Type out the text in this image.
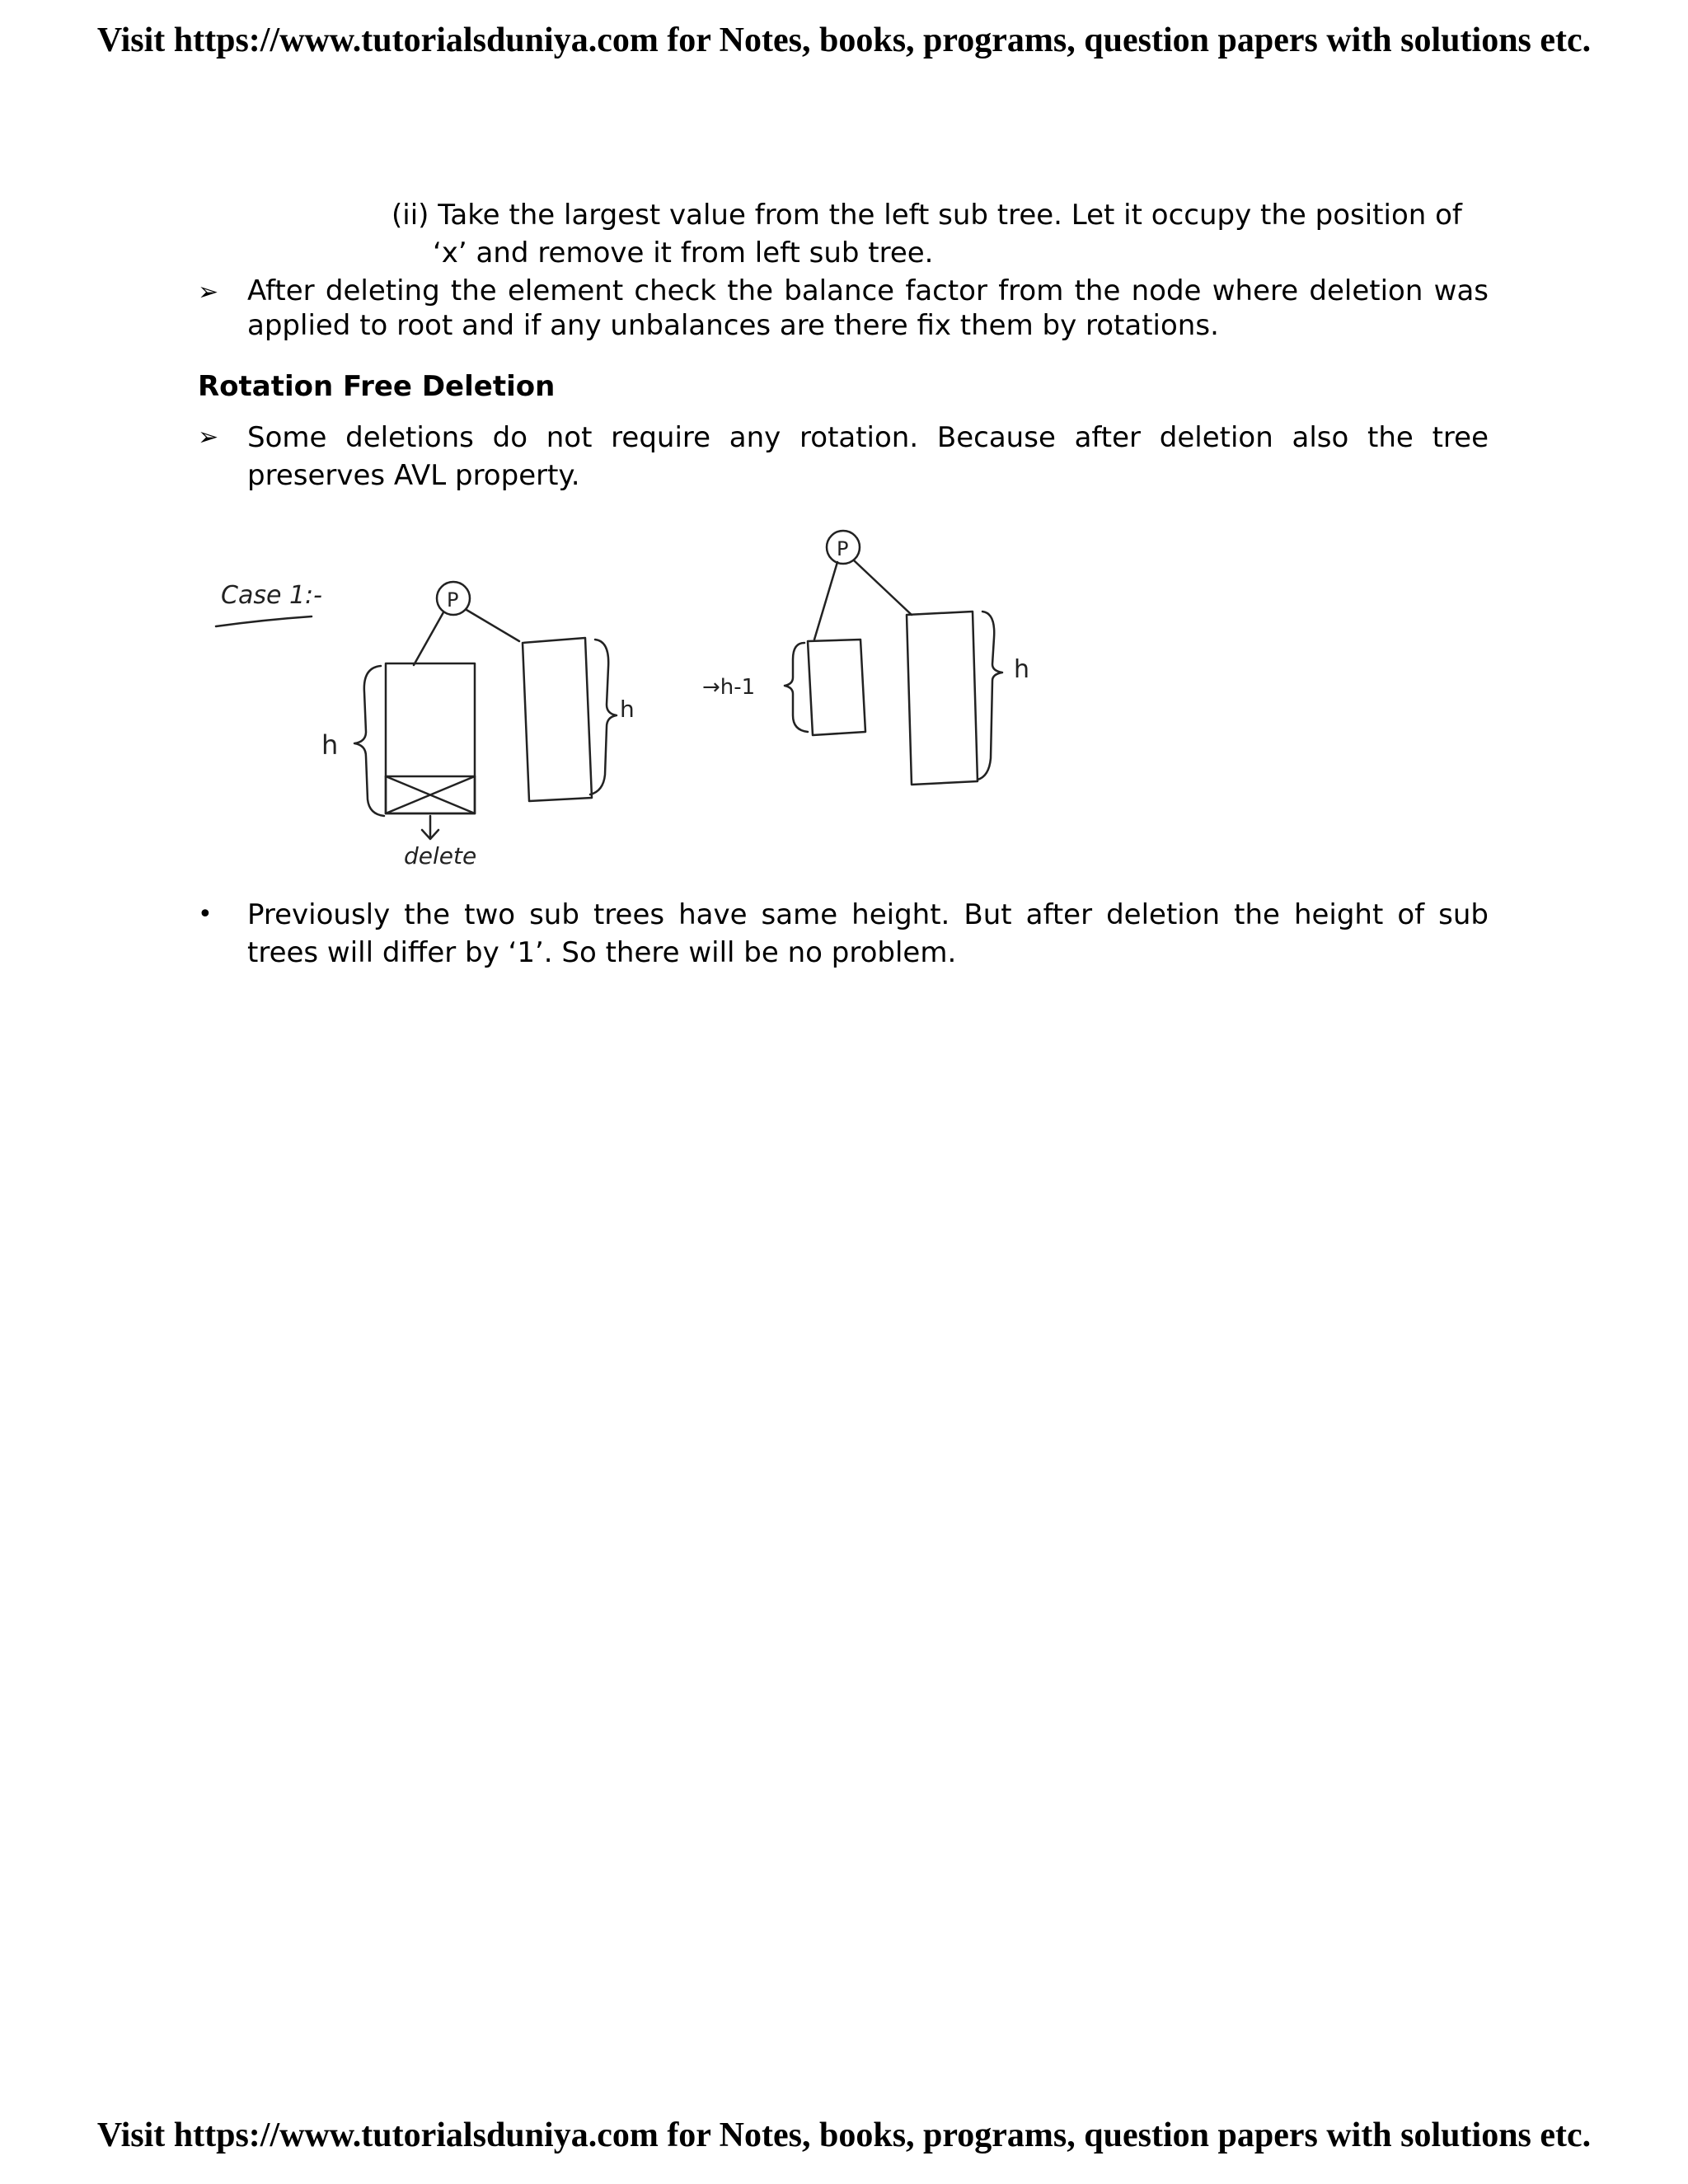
Visit https://www.tutorialsduniya.com for Notes, books, programs, question papers with solutions etc.
(ii) Take the largest value from the left sub tree. Let it occupy the position of
‘x’ and remove it from left sub tree.
➢	After deleting the element check the balance factor from the node where deletion was applied to root and if any unbalances are there fix them by rotations.
Rotation Free Deletion
➢	Some deletions do not require any rotation. Because after deletion also the tree preserves AVL property.
Case 1:-	P
h
h
delete
P
→h-1
h
•	Previously the two sub trees have same height. But after deletion the height of sub trees will differ by ‘1’. So there will be no problem.
Visit https://www.tutorialsduniya.com for Notes, books, programs, question papers with solutions etc.
